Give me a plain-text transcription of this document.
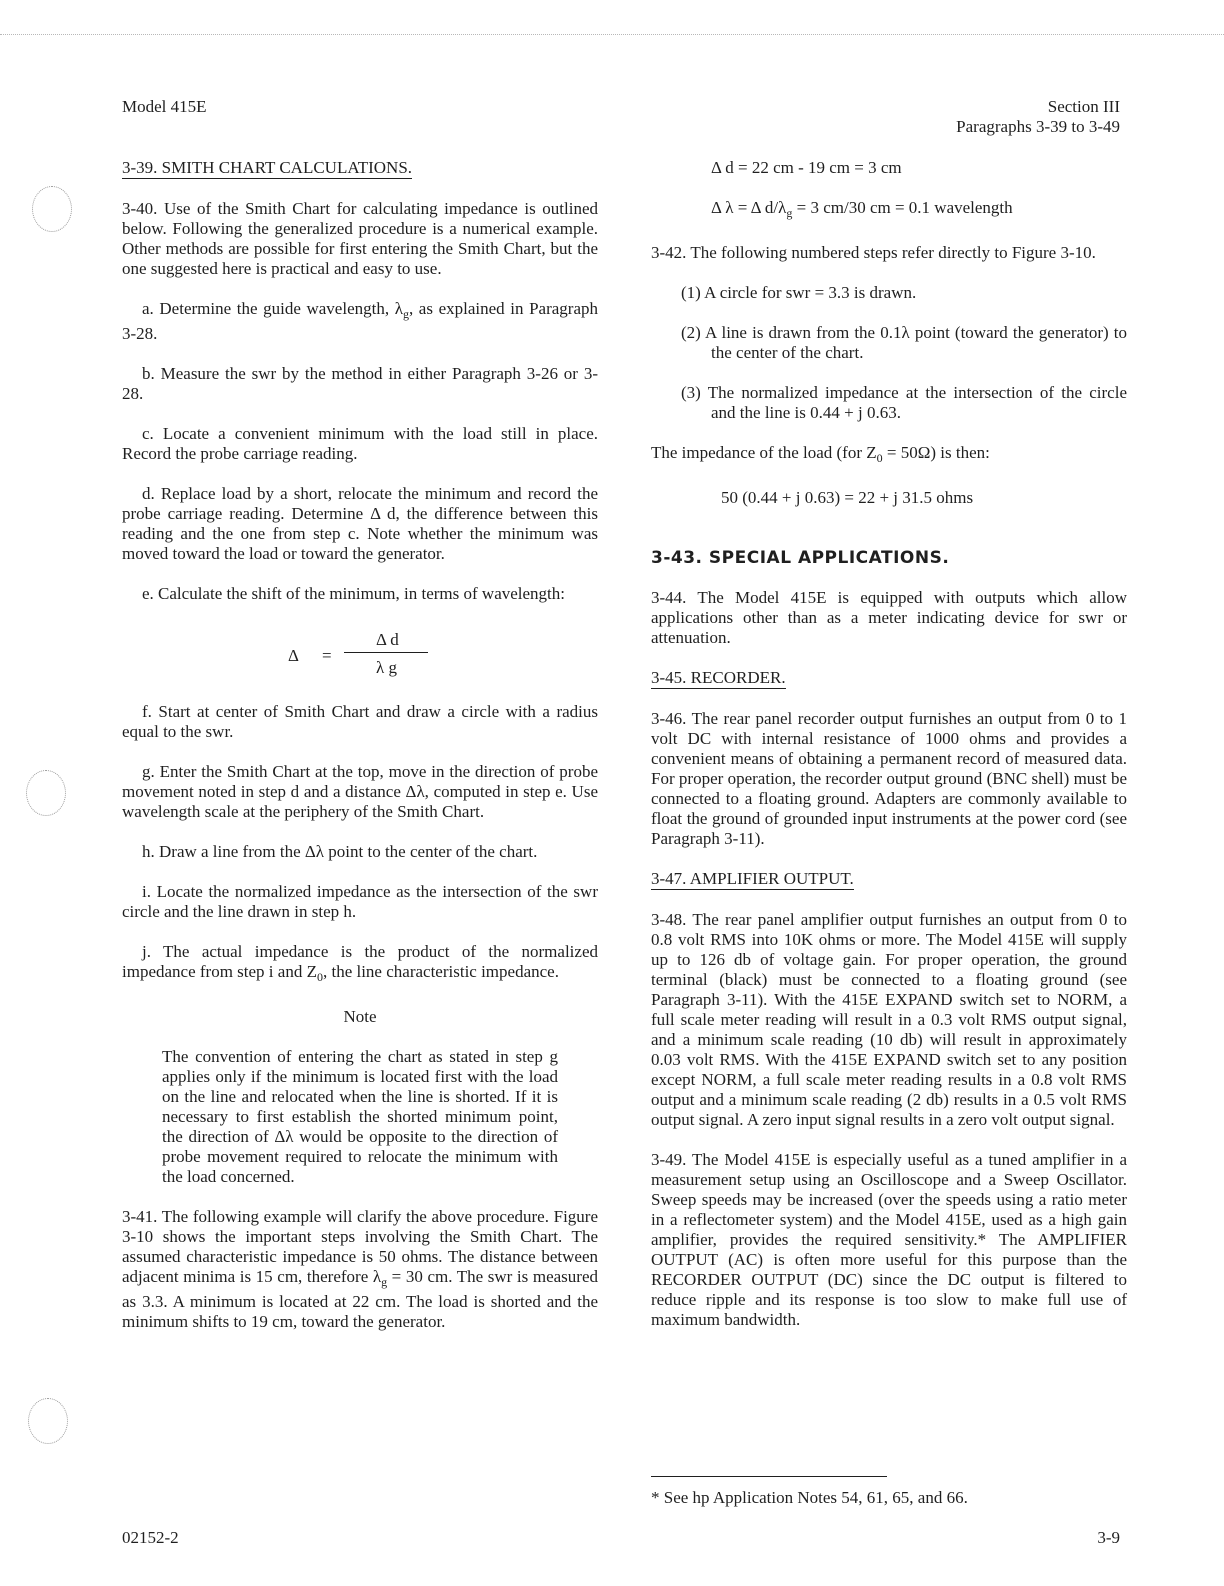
Model 415E	Section III
Paragraphs 3-39 to 3-49
3-39. SMITH CHART CALCULATIONS.

3-40. Use of the Smith Chart for calculating impedance is outlined below. Following the generalized procedure is a numerical example. Other methods are possible for first entering the Smith Chart, but the one suggested here is practical and easy to use.

a. Determine the guide wavelength, $\lambda_g$, as explained in Paragraph 3-28.

b. Measure the swr by the method in either Paragraph 3-26 or 3-28.

c. Locate a convenient minimum with the load still in place. Record the probe carriage reading.

d. Replace load by a short, relocate the minimum and record the probe carriage reading. Determine Δ d, the difference between this reading and the one from step c. Note whether the minimum was moved toward the load or toward the generator.

e. Calculate the shift of the minimum, in terms of wavelength:

Δ =
Δ d
λ g

f. Start at center of Smith Chart and draw a circle with a radius equal to the swr.

g. Enter the Smith Chart at the top, move in the direction of probe movement noted in step d and a distance Δλ, computed in step e. Use wavelength scale at the periphery of the Smith Chart.

h. Draw a line from the Δλ point to the center of the chart.

i. Locate the normalized impedance as the intersection of the swr circle and the line drawn in step h.

j. The actual impedance is the product of the normalized impedance from step i and $Z_0$, the line characteristic impedance.

Note

The convention of entering the chart as stated in step g applies only if the minimum is located first with the load on the line and relocated when the line is shorted. If it is necessary to first establish the shorted minimum point, the direction of Δλ would be opposite to the direction of probe movement required to relocate the minimum with the load concerned.

3-41. The following example will clarify the above procedure. Figure 3-10 shows the important steps involving the Smith Chart. The assumed characteristic impedance is 50 ohms. The distance between adjacent minima is 15 cm, therefore $\lambda_g = 30$ cm. The swr is measured as 3.3. A minimum is located at 22 cm. The load is shorted and the minimum shifts to 19 cm, toward the generator.

Δ d = 22 cm - 19 cm = 3 cm
Δ λ = Δ $d/\lambda_g = 3$ cm/30 cm = 0.1 wavelength

3-42. The following numbered steps refer directly to Figure 3-10.

(1) A circle for swr = 3.3 is drawn.

(2) A line is drawn from the 0.1λ point (toward the generator) to the center of the chart.

(3) The normalized impedance at the intersection of the circle and the line is 0.44 + j 0.63.

The impedance of the load (for $Z_0 = 50\Omega$) is then:

50 (0.44 + j 0.63) = 22 + j 31.5 ohms
3-43. SPECIAL APPLICATIONS.

3-44. The Model 415E is equipped with outputs which allow applications other than as a meter indicating device for swr or attenuation.

3-45. RECORDER.

3-46. The rear panel recorder output furnishes an output from 0 to 1 volt DC with internal resistance of 1000 ohms and provides a convenient means of obtaining a permanent record of measured data. For proper operation, the recorder output ground (BNC shell) must be connected to a floating ground. Adapters are commonly available to float the ground of grounded input instruments at the power cord (see Paragraph 3-11).

3-47. AMPLIFIER OUTPUT.

3-48. The rear panel amplifier output furnishes an output from 0 to 0.8 volt RMS into 10K ohms or more. The Model 415E will supply up to 126 db of voltage gain. For proper operation, the ground terminal (black) must be connected to a floating ground (see Paragraph 3-11). With the 415E EXPAND switch set to NORM, a full scale meter reading will result in a 0.3 volt RMS output signal, and a minimum scale reading (10 db) will result in approximately 0.03 volt RMS. With the 415E EXPAND switch set to any position except NORM, a full scale meter reading results in a 0.8 volt RMS output and a minimum scale reading (2 db) results in a 0.5 volt RMS output signal. A zero input signal results in a zero volt output signal.

3-49. The Model 415E is especially useful as a tuned amplifier in a measurement setup using an Oscilloscope and a Sweep Oscillator. Sweep speeds may be increased (over the speeds using a ratio meter in a reflectometer system) and the Model 415E, used as a high gain amplifier, provides the required sensitivity.* The AMPLIFIER OUTPUT (AC) is often more useful for this purpose than the RECORDER OUTPUT (DC) since the DC output is filtered to reduce ripple and its response is too slow to make full use of maximum bandwidth.

* See hp Application Notes 54, 61, 65, and 66.
02152-2	3-9
